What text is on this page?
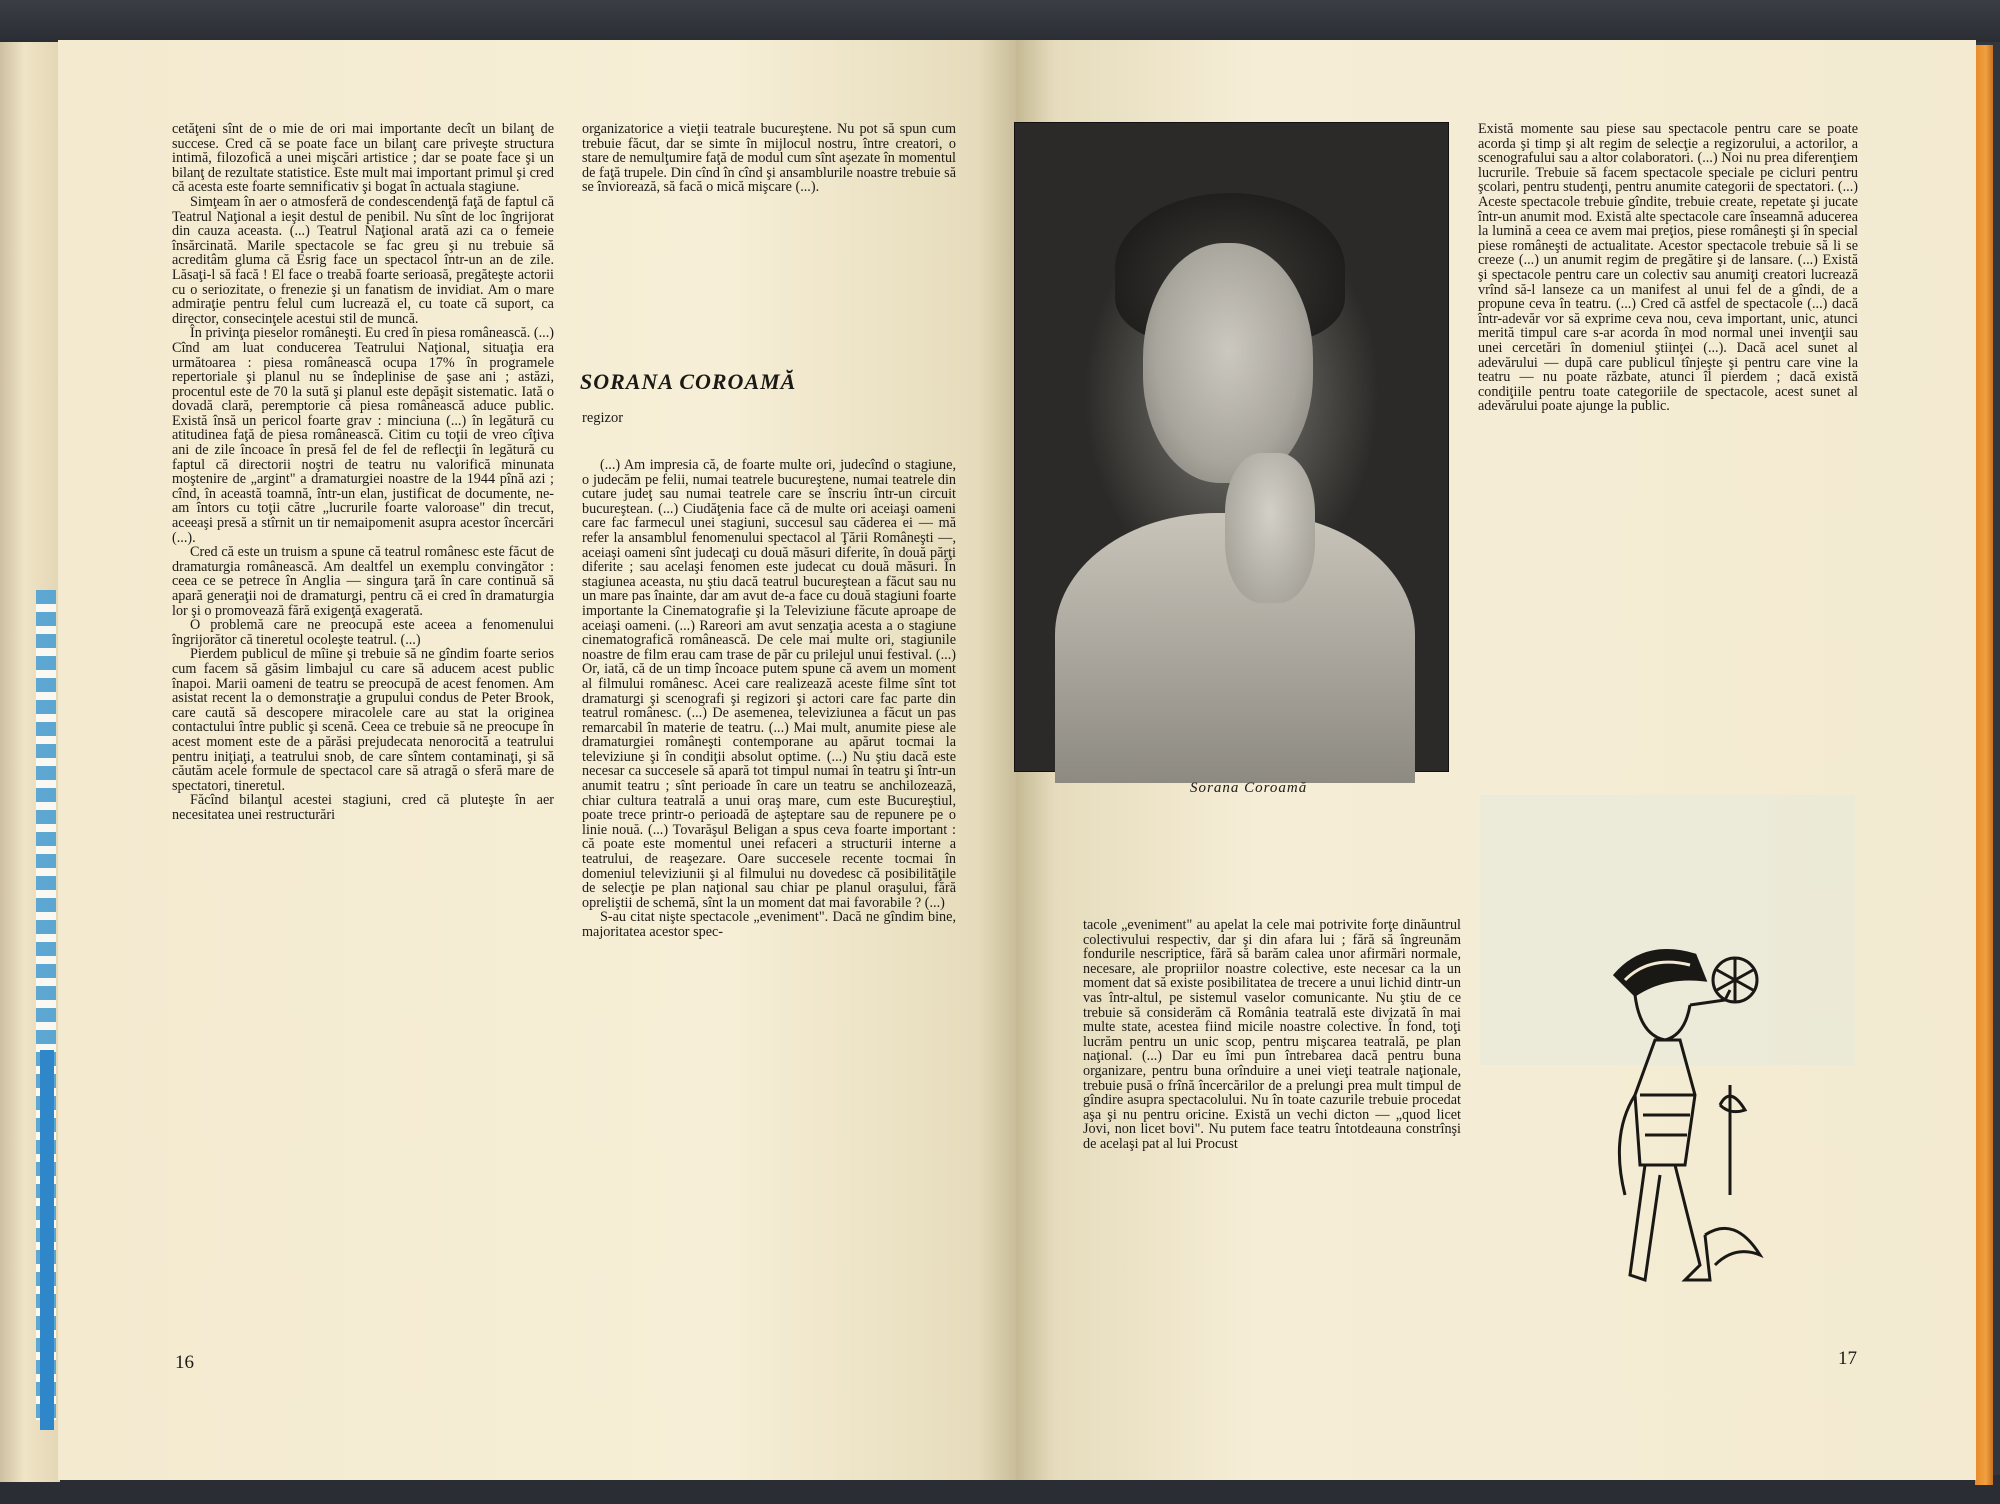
cetăţeni sînt de o mie de ori mai importante decît un bilanţ de succese. Cred că se poate face un bilanţ care priveşte structura intimă, filozofică a unei mişcări artistice ; dar se poate face şi un bilanţ de rezultate statistice. Este mult mai important primul şi cred că acesta este foarte semnificativ şi bogat în actuala stagiune.

Simţeam în aer o atmosferă de condescendenţă faţă de faptul că Teatrul Naţional a ieşit destul de penibil. Nu sînt de loc îngrijorat din cauza aceasta. (...) Teatrul Naţional arată azi ca o femeie însărcinată. Marile spectacole se fac greu şi nu trebuie să acreditâm gluma că Esrig face un spectacol într-un an de zile. Lăsaţi-l să facă ! El face o treabă foarte serioasă, pregăteşte actorii cu o seriozitate, o frenezie şi un fanatism de invidiat. Am o mare admiraţie pentru felul cum lucrează el, cu toate că suport, ca director, consecinţele acestui stil de muncă.

În privinţa pieselor româneşti. Eu cred în piesa românească. (...) Cînd am luat conducerea Teatrului Naţional, situaţia era următoarea : piesa românească ocupa 17% în programele repertoriale şi planul nu se îndeplinise de şase ani ; astăzi, procentul este de 70 la sută şi planul este depăşit sistematic. Iată o dovadă clară, peremptorie că piesa românească aduce public. Există însă un pericol foarte grav : minciuna (...) în legătură cu atitudinea faţă de piesa românească. Citim cu toţii de vreo cîţiva ani de zile încoace în presă fel de fel de reflecţii în legătură cu faptul că directorii noştri de teatru nu valorifică minunata moştenire de „argint" a dramaturgiei noastre de la 1944 pînă azi ; cînd, în această toamnă, într-un elan, justificat de documente, ne-am întors cu toţii către „lucrurile foarte valoroase" din trecut, aceeaşi presă a stîrnit un tir nemaipomenit asupra acestor încercări (...).

Cred că este un truism a spune că teatrul românesc este făcut de dramaturgia românească. Am dealtfel un exemplu convingător : ceea ce se petrece în Anglia — singura ţară în care continuă să apară generaţii noi de dramaturgi, pentru că ei cred în dramaturgia lor şi o promovează fără exigenţă exagerată.

O problemă care ne preocupă este aceea a fenomenului îngrijorător că tineretul ocoleşte teatrul. (...)

Pierdem publicul de mîine şi trebuie să ne gîndim foarte serios cum facem să găsim limbajul cu care să aducem acest public înapoi. Marii oameni de teatru se preocupă de acest fenomen. Am asistat recent la o demonstraţie a grupului condus de Peter Brook, care caută să descopere miracolele care au stat la originea contactului între public şi scenă. Ceea ce trebuie să ne preocupe în acest moment este de a părăsi prejudecata nenorocită a teatrului pentru iniţiaţi, a teatrului snob, de care sîntem contaminaţi, şi să căutăm acele formule de spectacol care să atragă o sferă mare de spectatori, tineretul.

Făcînd bilanţul acestei stagiuni, cred că pluteşte în aer necesitatea unei restructurări

organizatorice a vieţii teatrale bucureştene. Nu pot să spun cum trebuie făcut, dar se simte în mijlocul nostru, între creatori, o stare de nemulţumire faţă de modul cum sînt aşezate în momentul de faţă trupele. Din cînd în cînd şi ansamblurile noastre trebuie să se înviorează, să facă o mică mişcare (...).

SORANA COROAMĂ
regizor

(...) Am impresia că, de foarte multe ori, judecînd o stagiune, o judecăm pe felii, numai teatrele bucureştene, numai teatrele din cutare judeţ sau numai teatrele care se înscriu într-un circuit bucureştean. (...) Ciudăţenia face că de multe ori aceiaşi oameni care fac farmecul unei stagiuni, succesul sau căderea ei — mă refer la ansamblul fenomenului spectacol al Ţării Româneşti —, aceiaşi oameni sînt judecaţi cu două măsuri diferite, în două părţi diferite ; sau acelaşi fenomen este judecat cu două măsuri. În stagiunea aceasta, nu ştiu dacă teatrul bucureştean a făcut sau nu un mare pas înainte, dar am avut de-a face cu două stagiuni foarte importante la Cinematografie şi la Televiziune făcute aproape de aceiaşi oameni. (...) Rareori am avut senzaţia acesta a o stagiune cinematografică românească. De cele mai multe ori, stagiunile noastre de film erau cam trase de păr cu prilejul unui festival. (...) Or, iată, că de un timp încoace putem spune că avem un moment al filmului românesc. Acei care realizează aceste filme sînt tot dramaturgi şi scenografi şi regizori şi actori care fac parte din teatrul românesc. (...) De asemenea, televiziunea a făcut un pas remarcabil în materie de teatru. (...) Mai mult, anumite piese ale dramaturgiei româneşti contemporane au apărut tocmai la televiziune şi în condiţii absolut optime. (...) Nu ştiu dacă este necesar ca succesele să apară tot timpul numai în teatru şi într-un anumit teatru ; sînt perioade în care un teatru se anchilozează, chiar cultura teatrală a unui oraş mare, cum este Bucureştiul, poate trece printr-o perioadă de aşteptare sau de repunere pe o linie nouă. (...) Tovarăşul Beligan a spus ceva foarte important : că poate este momentul unei refaceri a structurii interne a teatrului, de reaşezare. Oare succesele recente tocmai în domeniul televiziunii şi al filmului nu dovedesc că posibilităţile de selecţie pe plan naţional sau chiar pe planul oraşului, fără opreliştii de schemă, sînt la un moment dat mai favorabile ? (...)

S-au citat nişte spectacole „eveniment". Dacă ne gîndim bine, majoritatea acestor spec-

16
Sorana Coroamă

tacole „eveniment" au apelat la cele mai potrivite forţe dinăuntrul colectivului respectiv, dar şi din afara lui ; fără să îngreunăm fondurile nescriptice, fără să barăm calea unor afirmări normale, necesare, ale propriilor noastre colective, este necesar ca la un moment dat să existe posibilitatea de trecere a unui lichid dintr-un vas într-altul, pe sistemul vaselor comunicante. Nu ştiu de ce trebuie să considerăm că România teatrală este divizată în mai multe state, acestea fiind micile noastre colective. În fond, toţi lucrăm pentru un unic scop, pentru mişcarea teatrală, pe plan naţional. (...) Dar eu îmi pun întrebarea dacă pentru buna organizare, pentru buna orînduire a unei vieţi teatrale naţionale, trebuie pusă o frînă încercărilor de a prelungi prea mult timpul de gîndire asupra spectacolului. Nu în toate cazurile trebuie procedat aşa şi nu pentru oricine. Există un vechi dicton — „quod licet Jovi, non licet bovi". Nu putem face teatru întotdeauna constrînşi de acelaşi pat al lui Procust

Există momente sau piese sau spectacole pentru care se poate acorda şi timp şi alt regim de selecţie a regizorului, a actorilor, a scenografului sau a altor colaboratori. (...) Noi nu prea diferenţiem lucrurile. Trebuie să facem spectacole speciale pe cicluri pentru şcolari, pentru studenţi, pentru anumite categorii de spectatori. (...) Aceste spectacole trebuie gîndite, trebuie create, repetate şi jucate într-un anumit mod. Există alte spectacole care înseamnă aducerea la lumină a ceea ce avem mai preţios, piese româneşti şi în special piese româneşti de actualitate. Acestor spectacole trebuie să li se creeze (...) un anumit regim de pregătire şi de lansare. (...) Există şi spectacole pentru care un colectiv sau anumiţi creatori lucrează vrînd să-l lanseze ca un manifest al unui fel de a gîndi, de a propune ceva în teatru. (...) Cred că astfel de spectacole (...) dacă într-adevăr vor să exprime ceva nou, ceva important, unic, atunci merită timpul care s-ar acorda în mod normal unei invenţii sau unei cercetări în domeniul ştiinţei (...). Dacă acel sunet al adevărului — după care publicul tînjeşte şi pentru care vine la teatru — nu poate răzbate, atunci îl pierdem ; dacă există condiţiile pentru toate categoriile de spectacole, acest sunet al adevărului poate ajunge la public.

17
